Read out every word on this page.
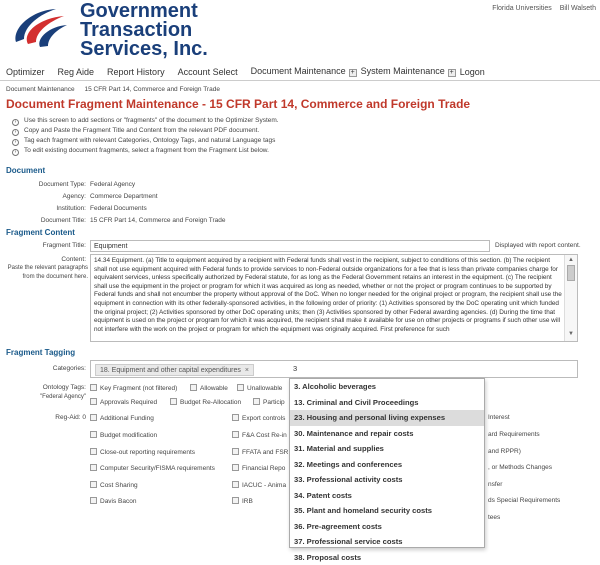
Government
Transaction
Services, Inc.
Florida Universities Bill Walseth
Optimizer Reg Aide Report History Account Select Document Maintenance + System Maintenance + Logon
Document Maintenance 15 CFR Part 14, Commerce and Foreign Trade
Document Fragment Maintenance - 15 CFR Part 14, Commerce and Foreign Trade
› Use this screen to add sections or "fragments" of the document to the Optimizer System.
› Copy and Paste the Fragment Title and Content from the relevant PDF document.
› Tag each fragment with relevant Categories, Ontology Tags, and natural Language tags
› To edit existing document fragments, select a fragment from the Fragment List below.
Document
Document Type: Federal Agency
Agency: Commerce Department
Institution: Federal Documents
Document Title: 15 CFR Part 14, Commerce and Foreign Trade
Fragment Content
Fragment Title:
Equipment	Displayed with report content.
Content:
Paste the relevant paragraphs from the document here.
14.34 Equipment. (a) Title to equipment acquired by a recipient with Federal funds shall vest in the recipient, subject to conditions of this section. (b) The recipient shall not use equipment acquired with Federal funds to provide services to non-Federal outside organizations for a fee that is less than private companies charge for equivalent services, unless specifically authorized by Federal statute, for as long as the Federal Government retains an interest in the equipment. (c) The recipient shall use the equipment in the project or program for which it was acquired as long as needed, whether or not the project or program continues to be supported by Federal funds and shall not encumber the property without approval of the DoC. When no longer needed for the original project or program, the recipient shall use the equipment in connection with its other federally-sponsored activities, in the following order of priority: (1) Activities sponsored by the DoC operating unit which funded the original project; (2) Activities sponsored by other DoC operating units; then (3) Activities sponsored by other Federal awarding agencies. (d) During the time that equipment is used on the project or program for which it was acquired, the recipient shall make it available for use on other projects or programs if such other use will not interfere with the work on the project or program for which the equipment was originally acquired. First preference for such
▲
▼
Fragment Tagging
Categories:	18. Equipment and other capital expenditures ×	3
Ontology Tags:
"Federal Agency"
Key Fragment (not filtered)	Allowable	Unallowable
Approvals Required	Budget Re-Allocation	Particip
Reg-Aid: 0	Additional Funding
Budget modification
Close-out reporting requirements
Computer Security/FISMA requirements
Cost Sharing
Davis Bacon
Export controls
F&A Cost Re-in
FFATA and FSR
Financial Repo
IACUC - Anima
IRB
Interest
ard Requirements
and RPPR)
, or Methods Changes
nsfer
ds Special Requirements
tees
3. Alcoholic beverages
13. Criminal and Civil Proceedings
23. Housing and personal living expenses
30. Maintenance and repair costs
31. Material and supplies
32. Meetings and conferences
33. Professional activity costs
34. Patent costs
35. Plant and homeland security costs
36. Pre-agreement costs
37. Professional service costs
38. Proposal costs
